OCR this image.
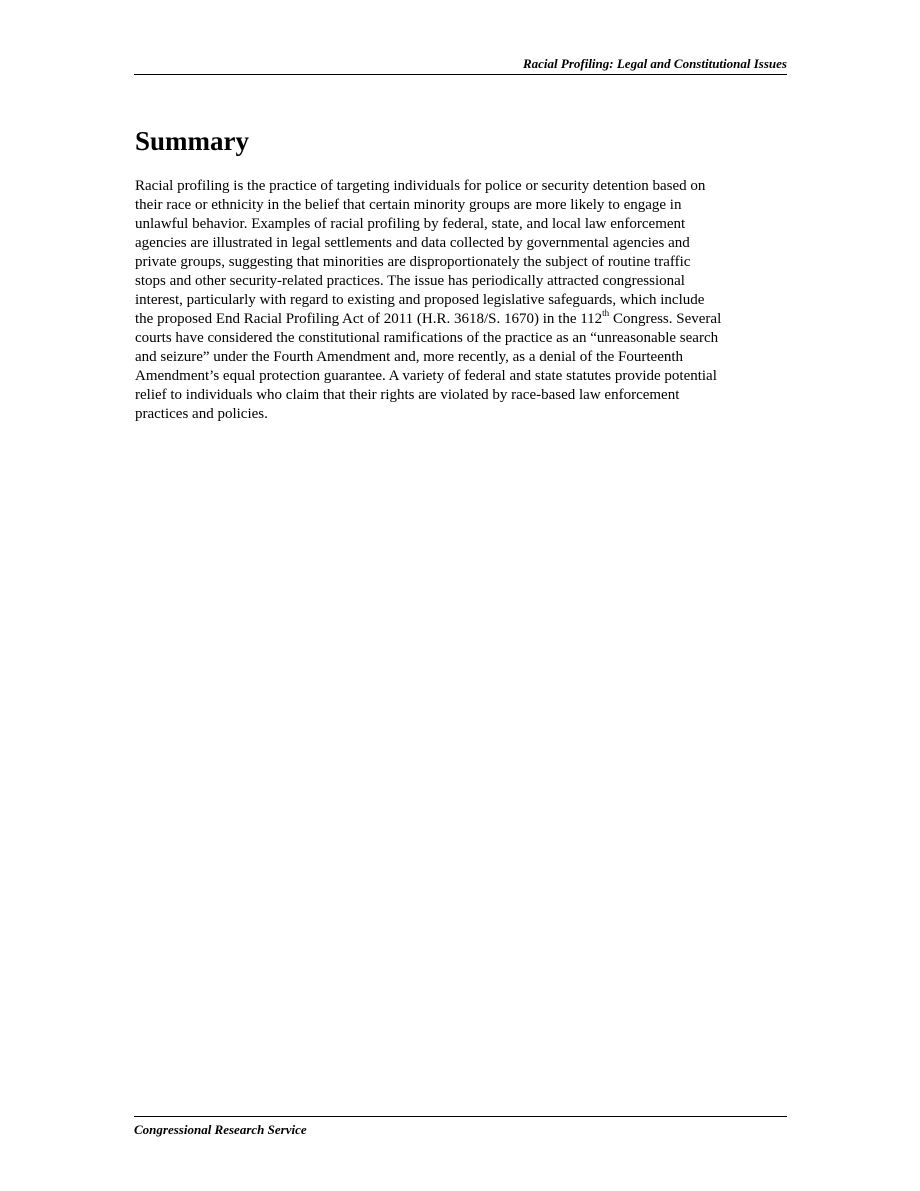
Racial Profiling: Legal and Constitutional Issues
Summary

Racial profiling is the practice of targeting individuals for police or security detention based on
their race or ethnicity in the belief that certain minority groups are more likely to engage in
unlawful behavior. Examples of racial profiling by federal, state, and local law enforcement
agencies are illustrated in legal settlements and data collected by governmental agencies and
private groups, suggesting that minorities are disproportionately the subject of routine traffic
stops and other security-related practices. The issue has periodically attracted congressional
interest, particularly with regard to existing and proposed legislative safeguards, which include
the proposed End Racial Profiling Act of 2011 (H.R. 3618/S. 1670) in the 112th Congress. Several
courts have considered the constitutional ramifications of the practice as an “unreasonable search
and seizure” under the Fourth Amendment and, more recently, as a denial of the Fourteenth
Amendment’s equal protection guarantee. A variety of federal and state statutes provide potential
relief to individuals who claim that their rights are violated by race-based law enforcement
practices and policies.

Congressional Research Service
